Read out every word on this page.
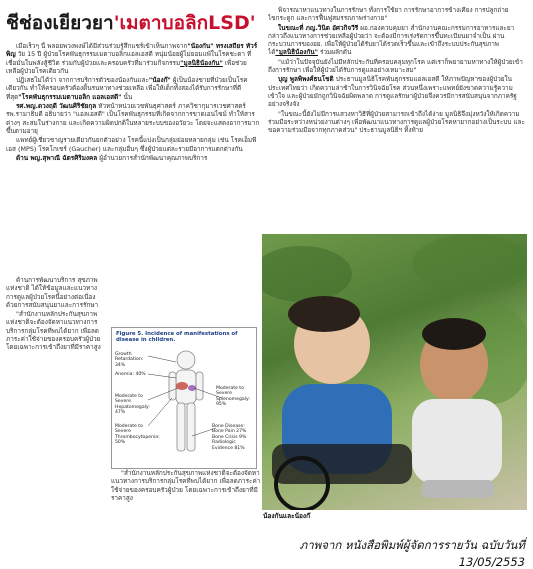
ชีช่องเยียวยา'เมตาบอลิกLSD'

เมื่อเร็วๆ นี้ พลอยพวงพงษ์ได้มีส่วนร่วมรู้สึกแชร์เข้าเห็นภาพจาก"น้องกัน" ทรงเสถียร ทัวร์พิญ วัย 15 ปี ผู้ป่วยโรคพันธุกรรมเมตาบอลิกแอลเอสดี หนุ่มน้อยผู้ไม่ยอมแพ้ในโรคชะตา ที่เชื่อมั่นในพลังสู้ชีวิต ร่วมกับผู้ป่วยและครอบครัวที่มาร่วมกิจกรรม"มูลนิธิน้องกัน" เพื่อช่วยเหลือผู้ป่วยโรคเดียวกัน

ปฏิเสธไม่ได้ว่า จากการบริการตัวของน้องกันและ"น้องก๊" ผู้เป็นน้องชายที่ป่วยเป็นโรคเดียวกัน ทำให้ครอบครัวต้องดิ้นรนหาทางช่วยเหลือ เพื่อให้เด็กทั้งสองได้รับการรักษาที่ดีที่สุด"โรคพันธุกรรมเมตาบอลิก แอลเอสดี" นั้น

รศ.พญ.ดวงฤดี วัฒนศิริชัยกุล หัวหน้าหน่วยเวชพันธุศาสตร์ ภาควิชากุมารเวชศาสตร์ รพ.รามาธิบดี อธิบายว่า "แอลเอสดี" เป็นโรคพันธุกรรมที่เกิดจากการขาดเอนไซม์ ทำให้สารต่างๆ สะสมในร่างกาย และเกิดความผิดปกติในหลายระบบของอวัยวะ โดยจะแสดงอาการมากขึ้นตามอายุ

แพทย์ผู้เชี่ยวชาญรายเดียวกันยกตัวอย่าง โรคนี้แบ่งเป็นกลุ่มย่อยหลายกลุ่ม เช่น โรคเอ็มพีเอส (MPS) โรคโกเชร์ (Gaucher) และกลุ่มอื่นๆ ซึ่งผู้ป่วยแต่ละรายมีอาการแตกต่างกัน

ด้าน พญ.สุพาณี ฉัตรศิริมงคล ผู้อำนวยการสำนักพัฒนาคุณภาพบริการ

ด้านการพัฒนาบริการ สุขภาพแห่งชาติ ได้ให้ข้อมูลและแนวทางการดูแลผู้ป่วยโรคนี้อย่างต่อเนื่อง ด้วยการสนับสนุนยาและการรักษา

"สำนักงานหลักประกันสุขภาพแห่งชาติจะต้องจัดหาแนวทางการบริการกลุ่มโรคที่พบได้ยาก เพื่อลดภาระค่าใช้จ่ายของครอบครัวผู้ป่วย โดยเฉพาะการเข้าถึงยาที่มีราคาสูง

พิจารณาหาแนวทางในการรักษา ทั้งการใช้ยา การรักษาอาการข้างเคียง การปลูกถ่ายไขกระดูก และการฟื้นฟูสมรรถภาพร่างกาย"

ในขณะที่ ภญ.วินิต อัศวกิจวีรี ผอ.กองควบคุมยา สำนักงานคณะกรรมการอาหารและยา กล่าวถึงแนวทางการช่วยเหลือผู้ป่วยว่า จะต้องมีการเร่งรัดการขึ้นทะเบียนยาจำเป็น ผ่านกระบวนการของอย. เพื่อให้ผู้ป่วยได้รับยาได้รวดเร็วขึ้นและเข้าถึงระบบประกันสุขภาพได้"มูลนิธิน้องกัน" ร่วมผลักดัน

"แม้ว่าในปัจจุบันยังไม่มีหลักประกันที่ครอบคลุมทุกโรค แต่เราก็พยายามหาทางให้ผู้ป่วยเข้าถึงการรักษา เพื่อให้ผู้ป่วยได้รับการดูแลอย่างเหมาะสม"

บุญ พูลพิพงศ์ธนโชติ ประธานมูลนิธิโรคพันธุกรรมแอลเอสดี ให้ภาพปัญหาของผู้ป่วยในประเทศไทยว่า เกิดความล่าช้าในการวินิจฉัยโรค ส่วนหนึ่งเพราะแพทย์ยังขาดความรู้ความเข้าใจ และผู้ป่วยมักถูกวินิจฉัยผิดพลาด การดูแลรักษาผู้ป่วยจึงควรมีการสนับสนุนจากภาครัฐอย่างจริงจัง

"ในขณะนี้ยังไม่มีการแสวงหาวิธีที่ผู้ป่วยสามารถเข้าถึงได้ง่าย มูลนิธิจึงมุ่งหวังให้เกิดความร่วมมือระหว่างหน่วยงานต่างๆ เพื่อพัฒนาแนวทางการดูแลผู้ป่วยโรคหายากอย่างเป็นระบบ และขอความร่วมมือจากทุกภาคส่วน" ประธานมูลนิธิฯ ทิ้งท้าย

"สำนักงานหลักประกันสุขภาพแห่งชาติจะต้องจัดหาแนวทางการบริการกลุ่มโรคที่พบได้ยาก เพื่อลดภาระค่าใช้จ่ายของครอบครัวผู้ป่วย โดยเฉพาะการเข้าถึงยาที่มีราคาสูง

Figure 5. Incidence of manifestations of disease in children.
Growth Retardation: 34%
Anemia: 40%
Moderate to Severe Hepatomegaly: 47%
Moderate to Severe Thrombocytopenia: 50%
Moderate to Severe Splenomegaly: 95%
Bone Disease: Bone Pain 27% Bone Crisis 9% Radiologic Evidence 81%
น้องกันและน้องก๊
ภาพจาก หนังสือพิมพ์ผู้จัดการรายวัน ฉบับวันที่ 13/05/2553
